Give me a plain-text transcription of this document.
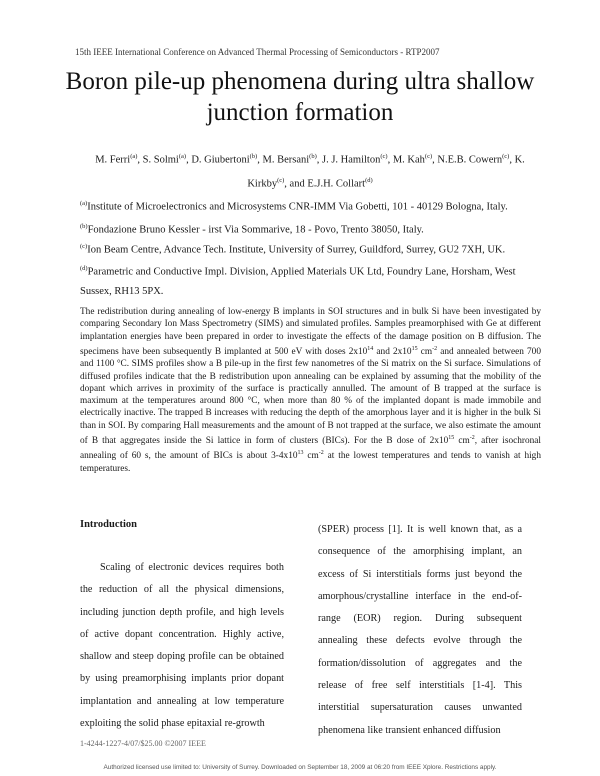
15th IEEE International Conference on Advanced Thermal Processing of Semiconductors - RTP2007
Boron pile-up phenomena during ultra shallow junction formation
M. Ferri$^{(a)}$, S. Solmi$^{(a)}$, D. Giubertoni$^{(b)}$, M. Bersani$^{(b)}$, J. J. Hamilton$^{(c)}$, M. Kah$^{(c)}$, N.E.B. Cowern$^{(c)}$, K.
Kirkby$^{(c)}$, and E.J.H. Collart$^{(d)}$
$^{(a)}$Institute of Microelectronics and Microsystems CNR-IMM Via Gobetti, 101 - 40129 Bologna, Italy.
$^{(b)}$Fondazione Bruno Kessler - irst Via Sommarive, 18 - Povo, Trento 38050, Italy.
$^{(c)}$Ion Beam Centre, Advance Tech. Institute, University of Surrey, Guildford, Surrey, GU2 7XH, UK.
$^{(d)}$Parametric and Conductive Impl. Division, Applied Materials UK Ltd, Foundry Lane, Horsham, West Sussex, RH13 5PX.
The redistribution during annealing of low-energy B implants in SOI structures and in bulk Si have been investigated by comparing Secondary Ion Mass Spectrometry (SIMS) and simulated profiles. Samples preamorphised with Ge at different implantation energies have been prepared in order to investigate the effects of the damage position on B diffusion. The specimens have been subsequently B implanted at 500 eV with doses $2x10^{14}$ and $2x10^{15}$ $cm^{-2}$ and annealed between 700 and 1100 °C. SIMS profiles show a B pile-up in the first few nanometres of the Si matrix on the Si surface. Simulations of diffused profiles indicate that the B redistribution upon annealing can be explained by assuming that the mobility of the dopant which arrives in proximity of the surface is practically annulled. The amount of B trapped at the surface is maximum at the temperatures around 800 °C, when more than 80 % of the implanted dopant is made immobile and electrically inactive. The trapped B increases with reducing the depth of the amorphous layer and it is higher in the bulk Si than in SOI. By comparing Hall measurements and the amount of B not trapped at the surface, we also estimate the amount of B that aggregates inside the Si lattice in form of clusters (BICs). For the B dose of $2x10^{15}$ $cm^{-2}$, after isochronal annealing of 60 s, the amount of BICs is about $3-4x10^{13}$ $cm^{-2}$ at the lowest temperatures and tends to vanish at high temperatures.
Introduction

Scaling of electronic devices requires both the reduction of all the physical dimensions, including junction depth profile, and high levels of active dopant concentration. Highly active, shallow and steep doping profile can be obtained by using preamorphising implants prior dopant implantation and annealing at low temperature exploiting the solid phase epitaxial re-growth

(SPER) process [1]. It is well known that, as a consequence of the amorphising implant, an excess of Si interstitials forms just beyond the amorphous/crystalline interface in the end-of-range (EOR) region. During subsequent annealing these defects evolve through the formation/dissolution of aggregates and the release of free self interstitials [1-4]. This interstitial supersaturation causes unwanted phenomena like transient enhanced diffusion

1-4244-1227-4/07/$25.00 ©2007 IEEE
Authorized licensed use limited to: University of Surrey. Downloaded on September 18, 2009 at 06:20 from IEEE Xplore. Restrictions apply.
